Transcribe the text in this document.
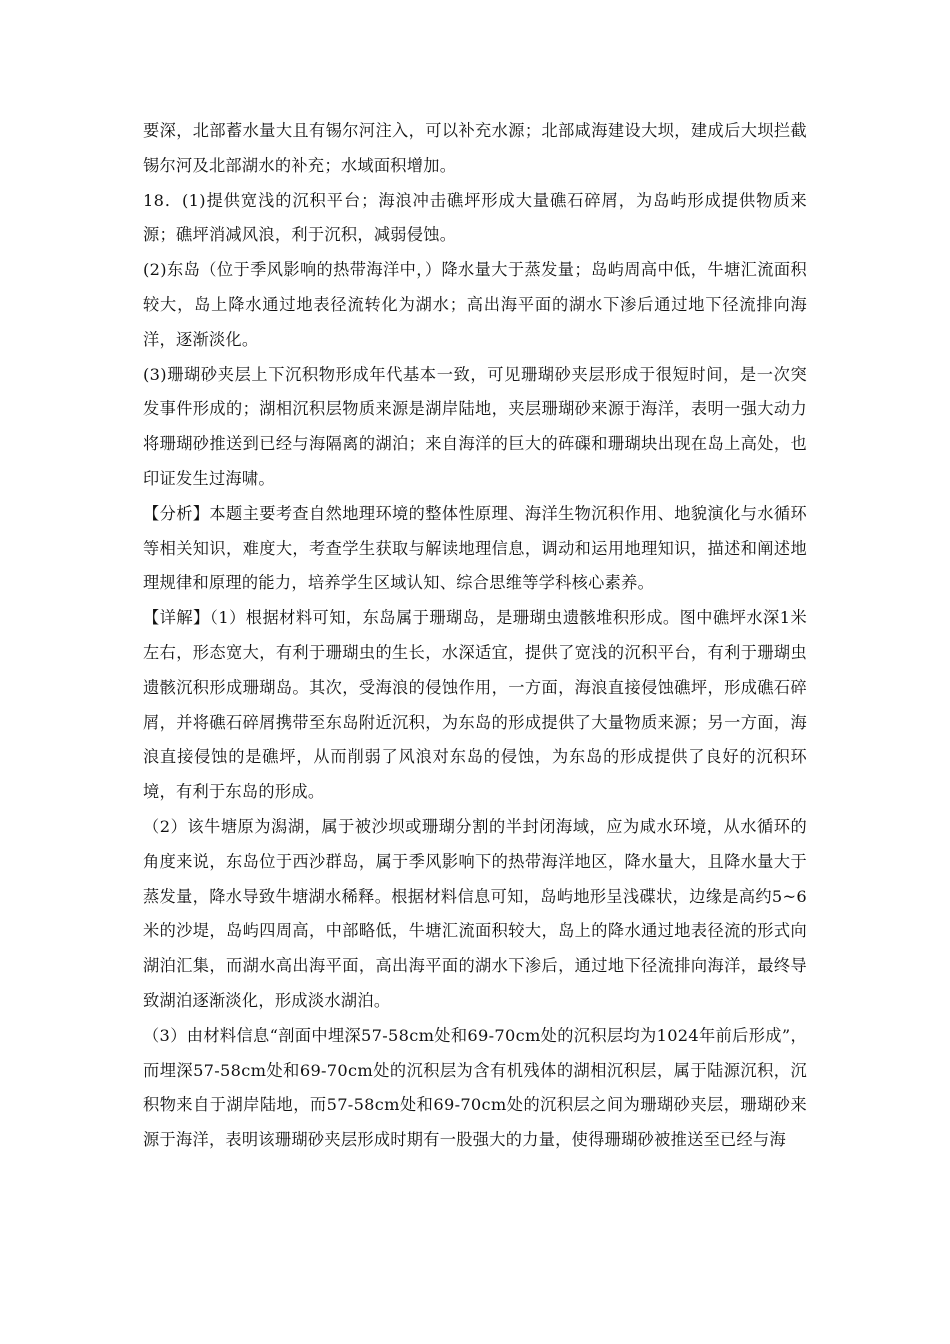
要深，北部蓄水量大且有锡尔河注入，可以补充水源；北部咸海建设大坝，建成后大坝拦截锡尔河及北部湖水的补充；水域面积增加。

18．(1)提供宽浅的沉积平台；海浪冲击礁坪形成大量礁石碎屑，为岛屿形成提供物质来源；礁坪消减风浪，利于沉积，减弱侵蚀。

(2)东岛（位于季风影响的热带海洋中，）降水量大于蒸发量；岛屿周高中低，牛塘汇流面积较大，岛上降水通过地表径流转化为湖水；高出海平面的湖水下渗后通过地下径流排向海洋，逐渐淡化。

(3)珊瑚砂夹层上下沉积物形成年代基本一致，可见珊瑚砂夹层形成于很短时间，是一次突发事件形成的；湖相沉积层物质来源是湖岸陆地，夹层珊瑚砂来源于海洋，表明一强大动力将珊瑚砂推送到已经与海隔离的湖泊；来自海洋的巨大的砗磲和珊瑚块出现在岛上高处，也印证发生过海啸。

【分析】本题主要考查自然地理环境的整体性原理、海洋生物沉积作用、地貌演化与水循环等相关知识，难度大，考查学生获取与解读地理信息，调动和运用地理知识，描述和阐述地理规律和原理的能力，培养学生区域认知、综合思维等学科核心素养。

【详解】（1）根据材料可知，东岛属于珊瑚岛，是珊瑚虫遗骸堆积形成。图中礁坪水深1米左右，形态宽大，有利于珊瑚虫的生长，水深适宜，提供了宽浅的沉积平台，有利于珊瑚虫遗骸沉积形成珊瑚岛。其次，受海浪的侵蚀作用，一方面，海浪直接侵蚀礁坪，形成礁石碎屑，并将礁石碎屑携带至东岛附近沉积，为东岛的形成提供了大量物质来源；另一方面，海浪直接侵蚀的是礁坪，从而削弱了风浪对东岛的侵蚀，为东岛的形成提供了良好的沉积环境，有利于东岛的形成。

（2）该牛塘原为潟湖，属于被沙坝或珊瑚分割的半封闭海域，应为咸水环境，从水循环的角度来说，东岛位于西沙群岛，属于季风影响下的热带海洋地区，降水量大，且降水量大于蒸发量，降水导致牛塘湖水稀释。根据材料信息可知，岛屿地形呈浅碟状，边缘是高约5~6米的沙堤，岛屿四周高，中部略低，牛塘汇流面积较大，岛上的降水通过地表径流的形式向湖泊汇集，而湖水高出海平面，高出海平面的湖水下渗后，通过地下径流排向海洋，最终导致湖泊逐渐淡化，形成淡水湖泊。

（3）由材料信息“剖面中埋深57-58cm处和69-70cm处的沉积层均为1024年前后形成”，而埋深57-58cm处和69-70cm处的沉积层为含有机残体的湖相沉积层，属于陆源沉积，沉积物来自于湖岸陆地，而57-58cm处和69-70cm处的沉积层之间为珊瑚砂夹层，珊瑚砂来源于海洋，表明该珊瑚砂夹层形成时期有一股强大的力量，使得珊瑚砂被推送至已经与海
